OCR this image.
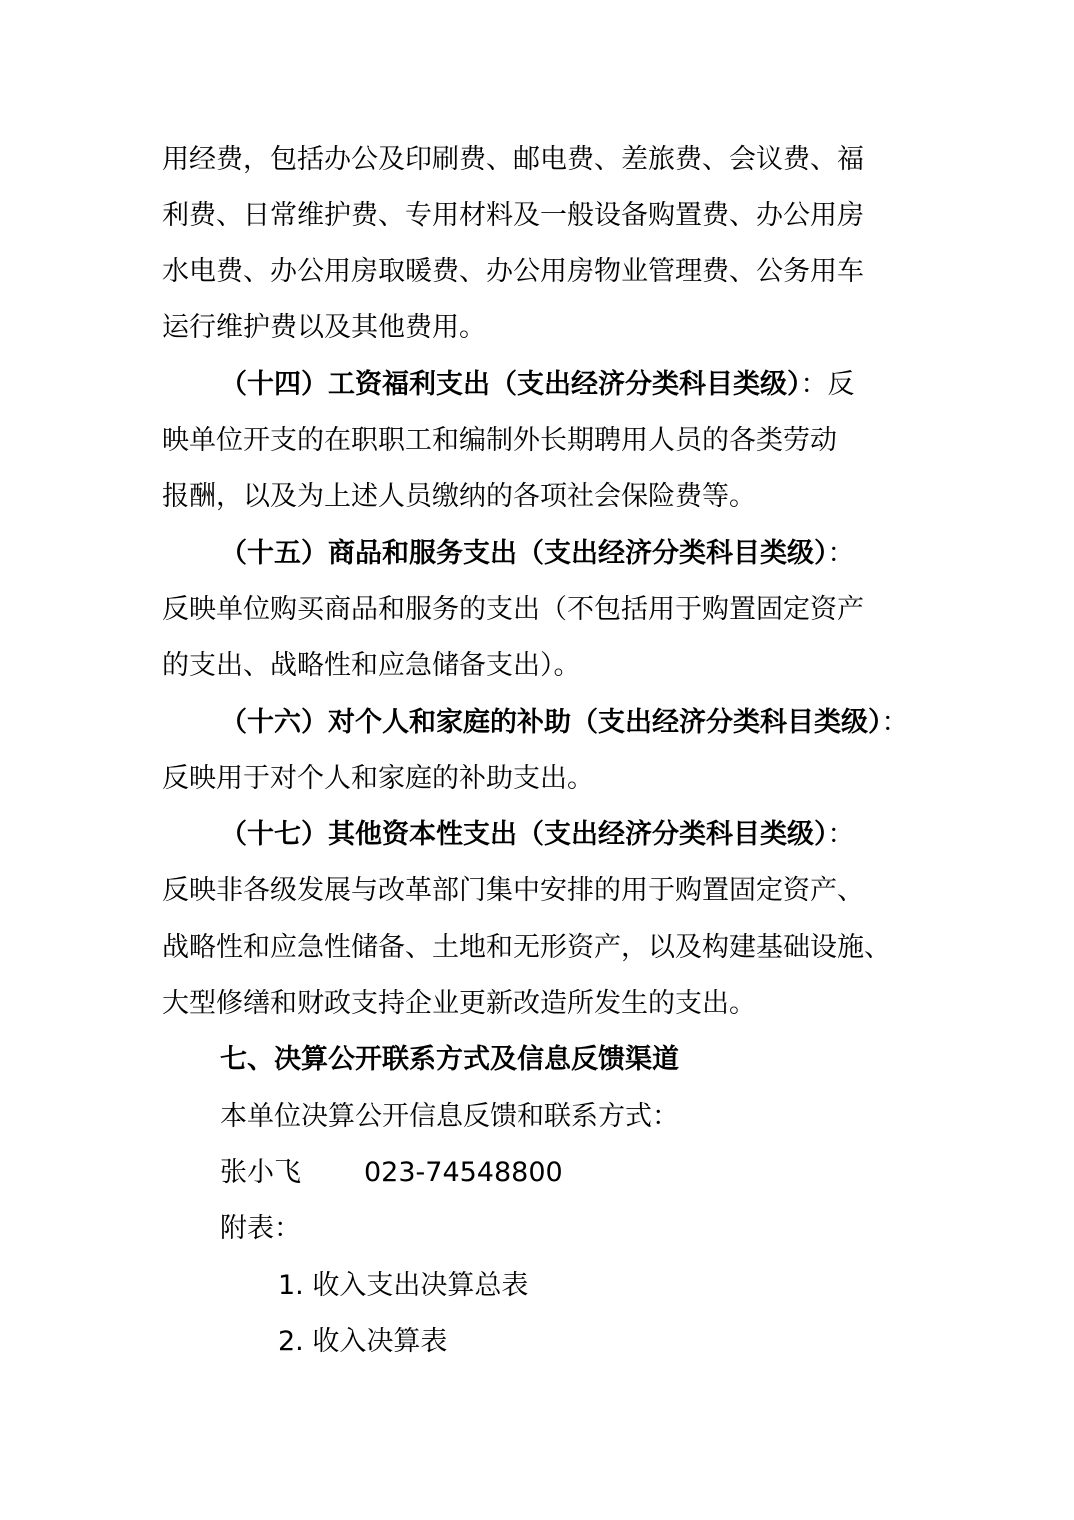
用经费，包括办公及印刷费、邮电费、差旅费、会议费、福
利费、日常维护费、专用材料及一般设备购置费、办公用房
水电费、办公用房取暖费、办公用房物业管理费、公务用车
运行维护费以及其他费用。
（十四）工资福利支出（支出经济分类科目类级）：反
映单位开支的在职职工和编制外长期聘用人员的各类劳动
报酬，以及为上述人员缴纳的各项社会保险费等。
（十五）商品和服务支出（支出经济分类科目类级）：
反映单位购买商品和服务的支出（不包括用于购置固定资产
的支出、战略性和应急储备支出）。
（十六）对个人和家庭的补助（支出经济分类科目类级）：
反映用于对个人和家庭的补助支出。
（十七）其他资本性支出（支出经济分类科目类级）：
反映非各级发展与改革部门集中安排的用于购置固定资产、
战略性和应急性储备、土地和无形资产，以及构建基础设施、
大型修缮和财政支持企业更新改造所发生的支出。
七、决算公开联系方式及信息反馈渠道
本单位决算公开信息反馈和联系方式：
张小飞 023-74548800
附表：
1. 收入支出决算总表
2. 收入决算表
